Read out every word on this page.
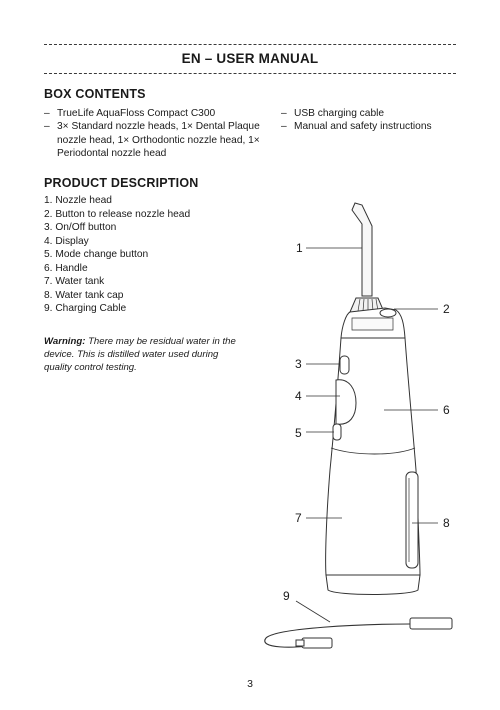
EN – USER MANUAL
BOX CONTENTS
– TrueLife AquaFloss Compact C300
– 3× Standard nozzle heads, 1× Dental Plaque nozzle head, 1× Orthodontic nozzle head, 1× Periodontal nozzle head
– USB charging cable
– Manual and safety instructions
PRODUCT DESCRIPTION
1. Nozzle head
2. Button to release nozzle head
3. On/Off button
4. Display
5. Mode change button
6. Handle
7. Water tank
8. Water tank cap
9. Charging Cable
Warning: There may be residual water in the device. This is distilled water used during quality control testing.
1
2
3
4
5
6
7	8
9
3
